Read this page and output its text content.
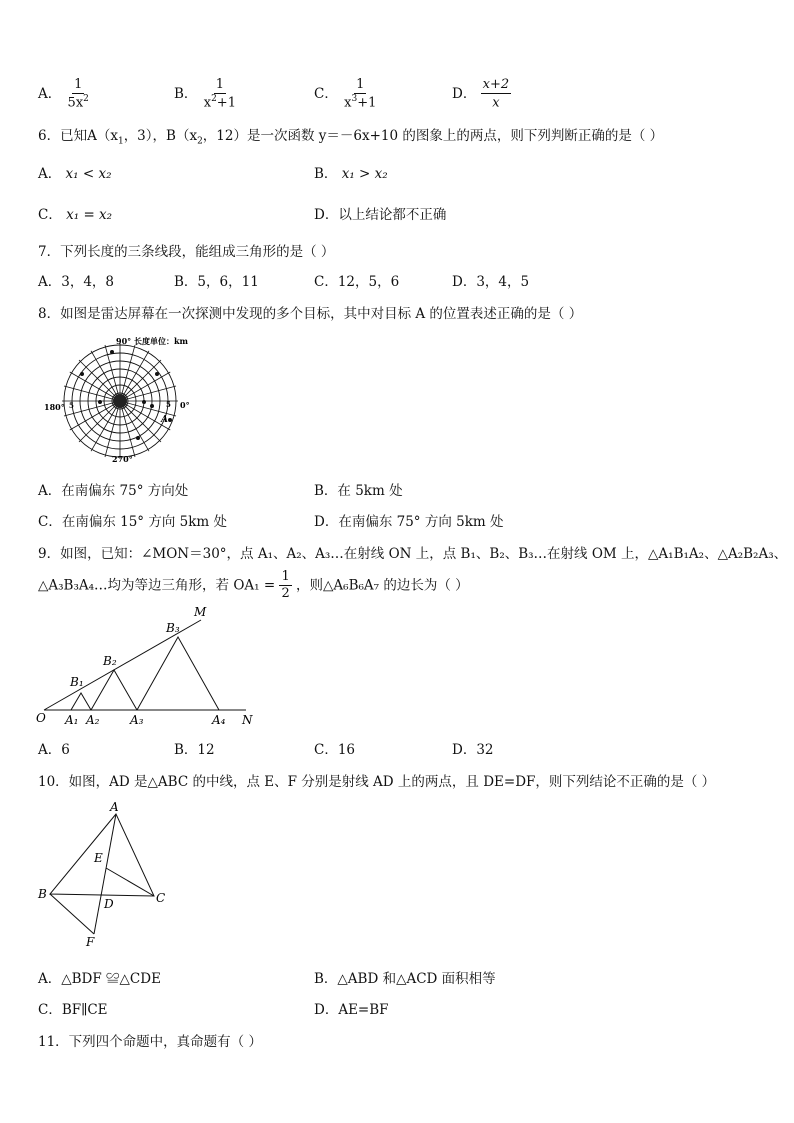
A． $\frac{1}{5x^2}$	B． $\frac{1}{x^2+1}$	C． $\frac{1}{x^3+1}$	D． $\frac{x+2}{x}$
6．已知$A(x_1$，3），$B(x_2$，12）是一次函数 y＝－6x+10 的图象上的两点，则下列判断正确的是（ ）
A． x₁ < x₂	B． x₁ > x₂
C． x₁ = x₂	D．以上结论都不正确
7．下列长度的三条线段，能组成三角形的是（ ）
A．3，4，8	B．5，6，11	C．12，5，6	D．3，4，5
8．如图是雷达屏幕在一次探测中发现的多个目标，其中对目标 A 的位置表述正确的是（ ）
90° 长度单位：km
180°	0°
270°
5	5
A
A．在南偏东 75° 方向处	B．在 5km 处
C．在南偏东 15° 方向 5km 处	D．在南偏东 75° 方向 5km 处
9．如图，已知：∠MON＝30°，点 A₁、A₂、A₃…在射线 ON 上，点 B₁、B₂、B₃…在射线 OM 上，△A₁B₁A₂、△A₂B₂A₃、
△A₃B₃A₄…均为等边三角形，若 $OA_1 = \frac{1}{2}$ ，则△A₆B₆A₇ 的边长为（ ）
O	N
M
A₁ A₂	A₃	A₄
B₁
B₂
B₃
A．6	B．12	C．16	D．32
10．如图，AD 是△ABC 的中线，点 E、F 分别是射线 AD 上的两点，且 DE=DF，则下列结论不正确的是（ ）
A
B	C
D
E
F
A．△BDF ≌△CDE	B．△ABD 和△ACD 面积相等
C．BF∥CE	D．AE=BF
11．下列四个命题中，真命题有（ ）
